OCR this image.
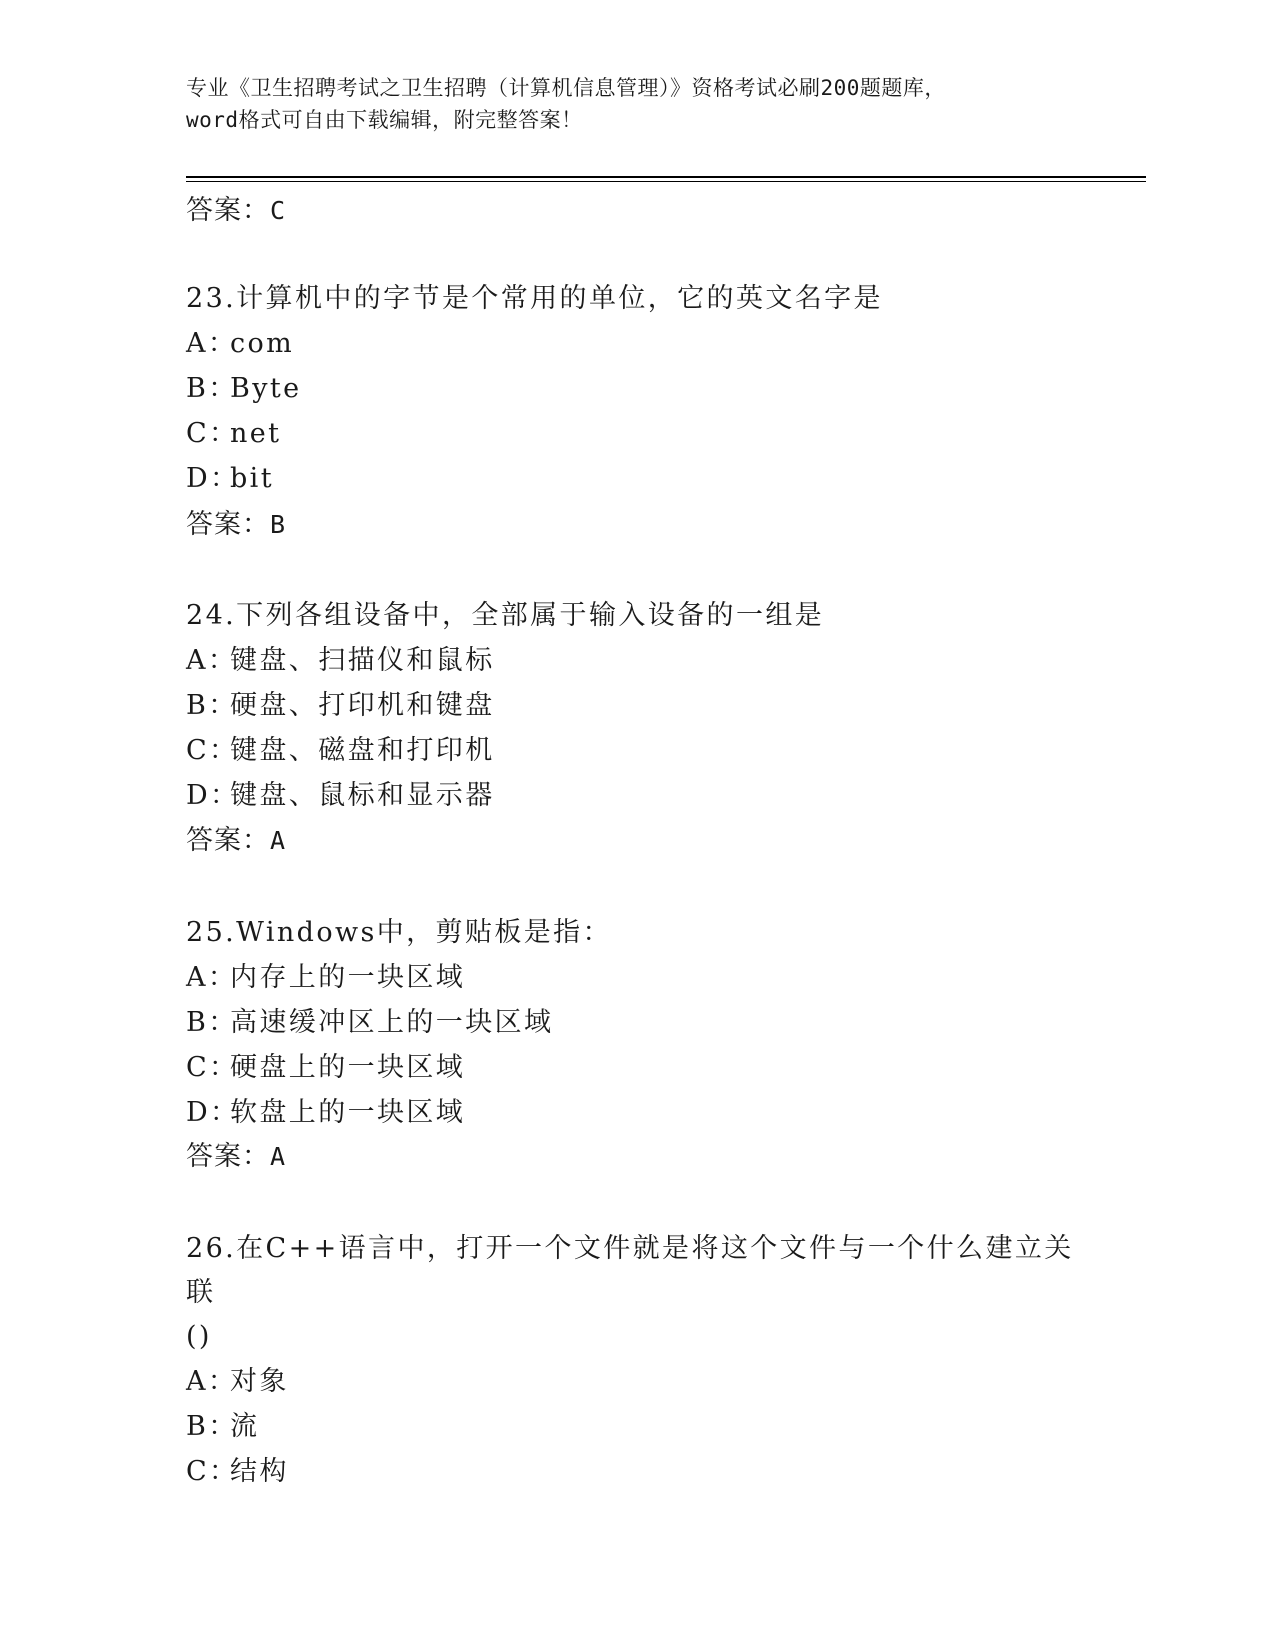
专业《卫生招聘考试之卫生招聘（计算机信息管理）》资格考试必刷200题题库，
word格式可自由下载编辑，附完整答案！
答案：C
23.计算机中的字节是个常用的单位，它的英文名字是
A：com
B：Byte
C：net
D：bit
答案：B
24.下列各组设备中，全部属于输入设备的一组是
A：键盘、扫描仪和鼠标
B：硬盘、打印机和键盘
C：键盘、磁盘和打印机
D：键盘、鼠标和显示器
答案：A
25.Windows中，剪贴板是指：
A：内存上的一块区域
B：高速缓冲区上的一块区域
C：硬盘上的一块区域
D：软盘上的一块区域
答案：A
26.在C++语言中，打开一个文件就是将这个文件与一个什么建立关联
()
A：对象
B：流
C：结构
